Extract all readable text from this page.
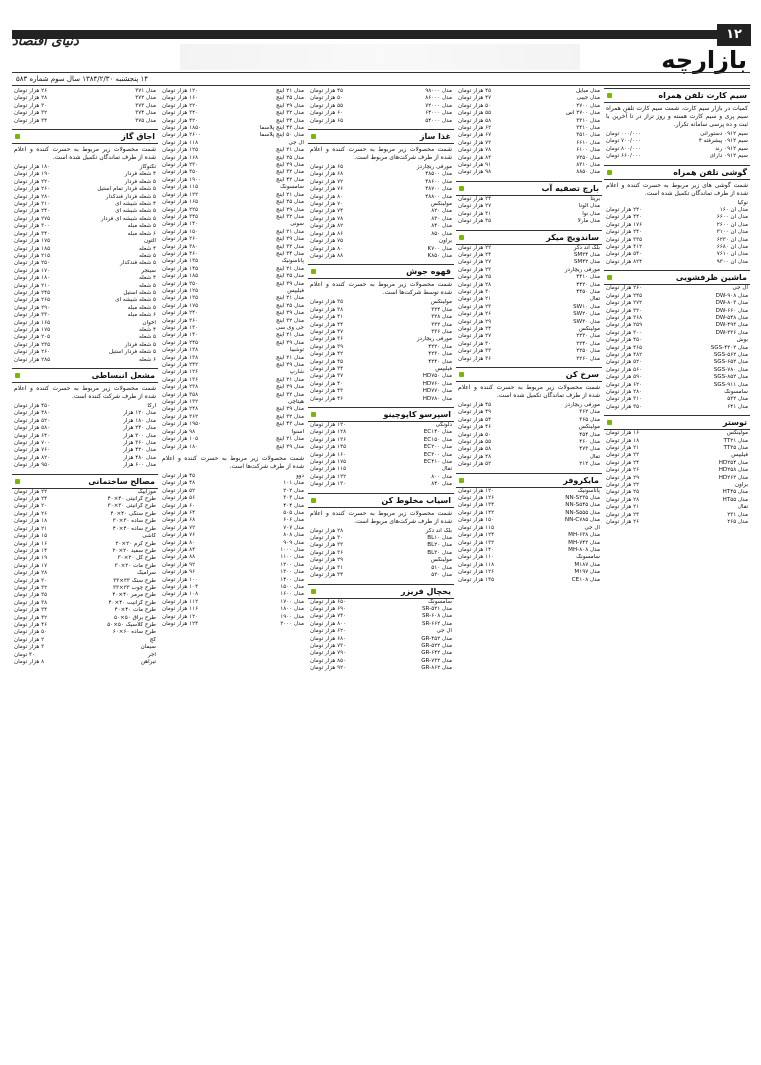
۱۲
دنیای اقتصاد
بازارچه
۱۴ پنجشنبه ۱۳۸۴/۲/۳۰ سال سوم شماره ۵۸۳
سیم کارت تلفن همراه
کمیات در بازار سیم کارت. شمت سیم کارت تلفن همراه سیم پری و سیم کارت هسته و روز تراز در تا آخرین با ثبت و ده پرسی سامانه تکرار.
سیم ۰۹۱۲ دستورانی
۰۰۰/۰۰۰ تومان
سیم ۰۹۱۲ پیشرفته ۴
۷۰۰/۰۰۰ تومان
سیم ۰۹۱۲ رند
۸۰۰/۰۰۰ تومان
سیم ۰۹۱۲ دارای
۶۶۰/۰۰۰ تومان
گوشی تلفن همراه
شمت گوشی های زیر مربوط به حسرت کننده و اعلام شده از طرف تماندگان تکمیل شده است.
نوکیا
مدل ان ۱۶۰
۲۴۰ هزار تومان
مدل ان ۶۶۰۰
۴۴۰ هزار تومان
مدل ان ۲۶۰۰
۱۷۶ هزار تومان
مدل ان ۳۱۰۰
۲۴۰ هزار تومان
مدل ان ۶۲۳۰
۳۳۵ هزار تومان
مدل ان ۶۶۸۰
۴۱۲ هزار تومان
مدل ان ۷۶۱۰
۵۴۰ هزار تومان
مدل ان ۹۳۰۰
۸۲۴ هزار تومان
ماشین ظرفشویی
ال جی
۲۶۰ هزار تومان
مدل DW-۹۰۸
۲۴۵ هزار تومان
مدل DW-۸۰۳
۲۷۲ هزار تومان
مدل DW-۶۶۰
۳۲۰ هزار تومان
مدل DW-۵۴۸
۳۶۸ هزار تومان
مدل DW-۴۹۳
۲۵۹ هزار تومان
مدل DW-۳۳۶
۳۰۰ هزار تومان
بوش
۴۵۰ هزار تومان
مدل SGS-۴۳۰۲
۴۶۵ هزار تومان
مدل SGS-۵۶۲
۴۸۲ هزار تومان
مدل SGS-۶۵۲
۵۲۰ هزار تومان
مدل SGS-۷۸۰
۵۶۰ هزار تومان
مدل SGS-۸۵۲
۵۹۰ هزار تومان
مدل SGS-۹۱۱
۶۲۰ هزار تومان
سامسونگ
۲۸۰ هزار تومان
مدل ۵۲۲
۳۱۰ هزار تومان
مدل ۶۴۱
۳۵۰ هزار تومان
توستر
مولینکس
۱۶ هزار تومان
مدل TT۲۱
۱۸ هزار تومان
مدل TT۳۵
۲۱ هزار تومان
فیلیپس
۲۲ هزار تومان
مدل HD۲۵۴
۲۴ هزار تومان
مدل HD۲۵۸
۲۶ هزار تومان
مدل HD۲۶۳
۲۹ هزار تومان
براون
۲۲ هزار تومان
مدل HT۴۵
۲۵ هزار تومان
مدل HT۵۵
۲۸ هزار تومان
تفال
۲۱ هزار تومان
مدل ۲۳۱
۲۳ هزار تومان
مدل ۲۶۵
۲۶ هزار تومان
مدل مبایل
۴۵ هزار تومان
مدل جیبی
۴۷ هزار تومان
مدل ۲۷۰۰
۵۰ هزار تومان
مدل ۲۷۰۰ اس
۵۵ هزار تومان
مدل ۳۳۱۰
۵۸ هزار تومان
مدل ۳۴۱۰
۶۲ هزار تومان
مدل ۳۵۱۰
۶۷ هزار تومان
مدل ۶۶۱۰
۷۲ هزار تومان
مدل ۶۱۰۰
۷۸ هزار تومان
مدل ۷۲۵۰
۸۴ هزار تومان
مدل ۸۳۱۰
۹۱ هزار تومان
مدل ۸۸۵۰
۹۸ هزار تومان
بارچ تصفیه آب
بریتا
۲۴ هزار تومان
مدل آلونا
۲۷ هزار تومان
مدل نوا
۳۱ هزار تومان
مدل مارلا
۳۵ هزار تومان
ساندویچ میکر
بلک اند دکر
۲۲ هزار تومان
مدل SM۳۴
۲۴ هزار تومان
مدل SM۴۲
۲۷ هزار تومان
مورفی ریچاردز
۲۳ هزار تومان
مدل ۴۴۱۰
۲۵ هزار تومان
مدل ۴۴۲۰
۲۸ هزار تومان
مدل ۴۴۵۰
۳۰ هزار تومان
تفال
۲۱ هزار تومان
مدل SW۱۰
۲۳ هزار تومان
مدل SW۲۰
۲۶ هزار تومان
مدل SW۳۰
۲۹ هزار تومان
مولینکس
۲۴ هزار تومان
مدل ۲۲۳۰
۲۷ هزار تومان
مدل ۲۲۴۰
۳۰ هزار تومان
مدل ۲۲۵۰
۳۳ هزار تومان
مدل ۲۲۶۰
۳۶ هزار تومان
سرخ کن
شمت محصولات زیر مربوط به حسرت کننده و اعلام شده از طرف تماندگان تکمیل شده است.
مورفی ریچاردز
۴۵ هزار تومان
مدل ۳۶۲
۴۹ هزار تومان
مدل ۳۶۵
۵۴ هزار تومان
مولینکس
۴۶ هزار تومان
مدل ۴۵۴
۵۰ هزار تومان
مدل ۴۶۰
۵۵ هزار تومان
مدل ۴۷۳
۵۸ هزار تومان
تفال
۴۸ هزار تومان
مدل ۲۱۲
۵۲ هزار تومان
مایکروفر
پاناسونیک
۱۲۰ هزار تومان
مدل NN-S۲۳۵
۱۲۶ هزار تومان
مدل NN-S۵۴۵
۱۳۴ هزار تومان
مدل NN-S۵۵۵
۱۴۲ هزار تومان
مدل NN-C۷۸۵
۱۵۰ هزار تومان
ال جی
۱۱۵ هزار تومان
مدل MH-۶۳۸
۱۲۴ هزار تومان
مدل MH-۷۴۲
۱۳۲ هزار تومان
مدل MH-۸۰۸
۱۴۰ هزار تومان
سامسونگ
۱۱۰ هزار تومان
مدل M۱۸۷
۱۱۸ هزار تومان
مدل M۱۹۷
۱۲۶ هزار تومان
مدل CE۱۰۸
۱۳۵ هزار تومان
مدل ۹۸۰۰۰
۴۵ هزار تومان
مدل ۸۶۰۰۰
۵۰ هزار تومان
مدل ۷۲۰۰۰
۵۵ هزار تومان
مدل ۶۴۰۰۰
۶۰ هزار تومان
مدل ۵۴۰۰۰
۶۵ هزار تومان
غذا ساز
شمت محصولات زیر مربوط به حسرت کننده و اعلام شده از طرف شرکت‌های مربوط است.
مورفی ریچاردز
۶۵ هزار تومان
مدل ۴۸۵۰۰
۶۸ هزار تومان
مدل ۴۸۶۰۰
۷۲ هزار تومان
مدل ۴۸۷۰۰
۷۶ هزار تومان
مدل ۴۸۸۰۰
۸۰ هزار تومان
مولینکس
۷۰ هزار تومان
مدل ۸۲۰
۷۴ هزار تومان
مدل ۸۳۰
۷۸ هزار تومان
مدل ۸۴۰
۸۲ هزار تومان
مدل ۸۵۰
۸۶ هزار تومان
براون
۷۵ هزار تومان
مدل K۷۰۰
۸۰ هزار تومان
مدل K۸۵۰
۸۸ هزار تومان
قهوه جوش
شمت محصولات زیر مربوط به حسرت کننده و اعلام شده توسط شرکت‌ها است.
مولینکس
۳۵ هزار تومان
مدل ۳۲۴
۳۸ هزار تومان
مدل ۳۲۸
۴۱ هزار تومان
مدل ۳۳۲
۴۴ هزار تومان
مدل ۳۳۶
۴۷ هزار تومان
مورفی ریچاردز
۳۶ هزار تومان
مدل ۴۲۲۰
۳۹ هزار تومان
مدل ۴۲۳۰
۴۲ هزار تومان
مدل ۴۲۴۰
۴۵ هزار تومان
فیلیپس
۳۴ هزار تومان
مدل HD۷۵۰
۳۷ هزار تومان
مدل HD۷۶۰
۴۰ هزار تومان
مدل HD۷۷۰
۴۳ هزار تومان
مدل HD۷۸۰
۴۶ هزار تومان
اسپرسو کاپوچینو
دلونگی
۱۲۰ هزار تومان
مدل EC۱۴۰
۱۲۸ هزار تومان
مدل EC۱۵۰
۱۳۶ هزار تومان
مدل EC۲۰۰
۱۴۵ هزار تومان
مدل EC۳۰۰
۱۶۰ هزار تومان
مدل EC۴۱۰
۱۷۵ هزار تومان
تفال
۱۱۵ هزار تومان
مدل ۸۰۰
۱۲۲ هزار تومان
مدل ۸۴۰
۱۳۰ هزار تومان
اسیاب مخلوط کن
شمت محصولات زیر مربوط به حسرت کننده و اعلام شده از طرف شرکت‌های مربوط است.
بلک اند دکر
۲۸ هزار تومان
مدل BL۱۰
۳۰ هزار تومان
مدل BL۲۰
۳۳ هزار تومان
مدل BL۳۰
۳۶ هزار تومان
مولینکس
۲۹ هزار تومان
مدل ۵۱۰
۳۱ هزار تومان
مدل ۵۲۰
۳۴ هزار تومان
یخچال فریزر
سامسونگ
۶۵۰ هزار تومان
مدل SR-۵۲۱
۶۹۰ هزار تومان
مدل SR-۶۰۸
۷۴۰ هزار تومان
مدل SR-۶۶۲
۸۰۰ هزار تومان
ال جی
۶۲۰ هزار تومان
مدل GR-۴۵۲
۶۸۰ هزار تومان
مدل GR-۵۲۲
۷۳۰ هزار تومان
مدل GR-۶۴۲
۷۹۰ هزار تومان
مدل GR-۷۳۲
۸۵۰ هزار تومان
مدل GR-۸۶۲
۹۲۰ هزار تومان
مدل ۲۱ اینچ
۱۲۰ هزار تومان
مدل ۲۵ اینچ
۱۶۰ هزار تومان
مدل ۲۹ اینچ
۲۲۰ هزار تومان
مدل ۳۲ اینچ
۳۴۰ هزار تومان
مدل ۳۴ اینچ
۴۲۰ هزار تومان
مدل ۴۲ اینچ پلاسما
۱۸۵۰ هزار تومان
مدل ۵۰ اینچ پلاسما
۲۶۰۰ هزار تومان
ال جی
۱۱۸ هزار تومان
مدل ۲۱ اینچ
۱۲۵ هزار تومان
مدل ۲۵ اینچ
۱۶۸ هزار تومان
مدل ۲۹ اینچ
۲۳۰ هزار تومان
مدل ۳۲ اینچ
۳۵۰ هزار تومان
مدل ۴۲ اینچ
۱۹۰۰ هزار تومان
سامسونگ
۱۱۵ هزار تومان
مدل ۲۱ اینچ
۱۲۲ هزار تومان
مدل ۲۵ اینچ
۱۶۵ هزار تومان
مدل ۲۹ اینچ
۲۲۵ هزار تومان
مدل ۳۲ اینچ
۳۴۵ هزار تومان
سونی
۱۴۰ هزار تومان
مدل ۲۱ اینچ
۱۵۰ هزار تومان
مدل ۲۹ اینچ
۲۶۰ هزار تومان
مدل ۳۲ اینچ
۳۸۰ هزار تومان
مدل ۳۴ اینچ
۴۶۰ هزار تومان
پاناسونیک
۱۳۵ هزار تومان
مدل ۲۱ اینچ
۱۴۵ هزار تومان
مدل ۲۵ اینچ
۱۸۵ هزار تومان
مدل ۲۹ اینچ
۲۵۰ هزار تومان
فیلیپس
۱۲۵ هزار تومان
مدل ۲۱ اینچ
۱۳۵ هزار تومان
مدل ۲۵ اینچ
۱۷۵ هزار تومان
مدل ۲۹ اینچ
۲۴۰ هزار تومان
مدل ۳۲ اینچ
۳۶۰ هزار تومان
جی وی سی
۱۳۰ هزار تومان
مدل ۲۱ اینچ
۱۴۰ هزار تومان
مدل ۲۹ اینچ
۲۴۵ هزار تومان
توشیبا
۱۲۸ هزار تومان
مدل ۲۱ اینچ
۱۳۸ هزار تومان
مدل ۲۹ اینچ
۲۴۲ هزار تومان
شارپ
۱۲۶ هزار تومان
مدل ۲۱ اینچ
۱۳۶ هزار تومان
مدل ۲۹ اینچ
۲۳۸ هزار تومان
مدل ۳۲ اینچ
۳۵۸ هزار تومان
هیتاچی
۱۳۲ هزار تومان
مدل ۲۹ اینچ
۲۴۸ هزار تومان
مدل ۳۲ اینچ
۳۶۲ هزار تومان
مدل ۴۲ اینچ
۱۹۵۰ هزار تومان
اسنوا
۹۸ هزار تومان
مدل ۲۱ اینچ
۱۰۵ هزار تومان
مدل ۲۹ اینچ
۱۸۰ هزار تومان
شمت محصولات زیر مربوط به حسرت کننده و اعلام شده از طرف شرکت‌ها است.
دوو
۴۵ هزار تومان
مدل ۱۰۱
۴۸ هزار تومان
مدل ۲۰۲
۵۲ هزار تومان
مدل ۳۰۳
۵۶ هزار تومان
مدل ۴۰۴
۶۰ هزار تومان
مدل ۵۰۵
۶۴ هزار تومان
مدل ۶۰۶
۶۸ هزار تومان
مدل ۷۰۷
۷۲ هزار تومان
مدل ۸۰۸
۷۶ هزار تومان
مدل ۹۰۹
۸۰ هزار تومان
مدل ۱۰۰۰
۸۴ هزار تومان
مدل ۱۱۰۰
۸۸ هزار تومان
مدل ۱۲۰۰
۹۲ هزار تومان
مدل ۱۳۰۰
۹۶ هزار تومان
مدل ۱۴۰۰
۱۰۰ هزار تومان
مدل ۱۵۰۰
۱۰۴ هزار تومان
مدل ۱۶۰۰
۱۰۸ هزار تومان
مدل ۱۷۰۰
۱۱۲ هزار تومان
مدل ۱۸۰۰
۱۱۶ هزار تومان
مدل ۱۹۰۰
۱۲۰ هزار تومان
مدل ۲۰۰۰
۱۲۴ هزار تومان
مدل ۳۷۱
۲۶ هزار تومان
مدل ۳۷۲
۲۸ هزار تومان
مدل ۳۷۳
۳۰ هزار تومان
مدل ۳۷۴
۳۲ هزار تومان
مدل ۳۷۵
۳۴ هزار تومان
اجاق گاز
شمت محصولات زیر مربوط به حسرت کننده و اعلام شده از طرف تماندگان تکمیل شده است.
تکنوگاز
۱۸۰ هزار تومان
۴ شعله فردار
۱۹۰ هزار تومان
۵ شعله فردار
۲۲۰ هزار تومان
۵ شعله فردار تمام استیل
۲۶۰ هزار تومان
۵ شعله فردار فندکدار
۲۸۰ هزار تومان
۴ شعله شیشه ای
۲۱۰ هزار تومان
۵ شعله شیشه ای
۲۴۰ هزار تومان
۵ شعله شیشه ای فردار
۲۷۵ هزار تومان
۵ شعله مبله
۳۰۰ هزار تومان
۶ شعله مبله
۳۴۰ هزار تومان
آلتون
۱۷۵ هزار تومان
۴ شعله
۱۸۵ هزار تومان
۵ شعله
۲۱۵ هزار تومان
۵ شعله فندکدار
۲۵۰ هزار تومان
سینجر
۱۷۰ هزار تومان
۴ شعله
۱۸۰ هزار تومان
۵ شعله
۲۱۰ هزار تومان
۵ شعله استیل
۲۴۵ هزار تومان
۵ شعله شیشه ای
۲۶۵ هزار تومان
۵ شعله مبله
۲۹۰ هزار تومان
۶ شعله مبله
۳۳۰ هزار تومان
اخوان
۱۶۵ هزار تومان
۴ شعله
۱۷۵ هزار تومان
۵ شعله
۲۰۵ هزار تومان
۵ شعله فردار
۲۳۵ هزار تومان
۵ شعله فردار استیل
۲۶۰ هزار تومان
۶ شعله
۲۸۵ هزار تومان
مشعل انبساطی
شمت محصولات زیر مربوط به حسرت کننده و اعلام شده از طرف شرکت کننده است.
آرکا
۴۵۰ هزار تومان
مدل ۱۲۰ هزار
۴۸۰ هزار تومان
مدل ۱۸۰ هزار
۵۲۰ هزار تومان
مدل ۲۴۰ هزار
۵۸۰ هزار تومان
مدل ۳۰۰ هزار
۶۴۰ هزار تومان
مدل ۳۶۰ هزار
۷۰۰ هزار تومان
مدل ۴۲۰ هزار
۷۶۰ هزار تومان
مدل ۴۸۰ هزار
۸۲۰ هزار تومان
مدل ۶۰۰ هزار
۹۵۰ هزار تومان
مصالح ساختمانی
موزاییک
۲۲ هزار تومان
طرح گرانیتی ۴۰×۴۰
۲۴ هزار تومان
طرح گرانیتی ۳۰×۳۰
۲۰ هزار تومان
طرح سنگی ۴۰×۴۰
۲۶ هزار تومان
طرح ساده ۳۰×۳۰
۱۸ هزار تومان
طرح ساده ۴۰×۴۰
۲۱ هزار تومان
کاشی
۱۵ هزار تومان
طرح کرم ۲۰×۲۰
۱۶ هزار تومان
طرح سفید ۲۰×۲۰
۱۴ هزار تومان
طرح گل ۲۰×۳۰
۱۹ هزار تومان
طرح مات ۲۰×۳۰
۱۷ هزار تومان
سرامیک
۲۸ هزار تومان
طرح سنگ ۳۳×۳۳
۳۰ هزار تومان
طرح چوب ۳۳×۳۳
۳۲ هزار تومان
طرح مرمر ۴۰×۴۰
۳۵ هزار تومان
طرح گرانیت ۴۰×۴۰
۳۸ هزار تومان
طرح مات ۴۰×۴۰
۳۴ هزار تومان
طرح براق ۵۰×۵۰
۴۲ هزار تومان
طرح کلاسیک ۵۰×۵۰
۴۶ هزار تومان
طرح ساده ۶۰×۶۰
۵۰ هزار تومان
گچ
۲ هزار تومان
سیمان
۳ هزار تومان
آجر
۴۰ تومان
تیرآهن
۸ هزار تومان
